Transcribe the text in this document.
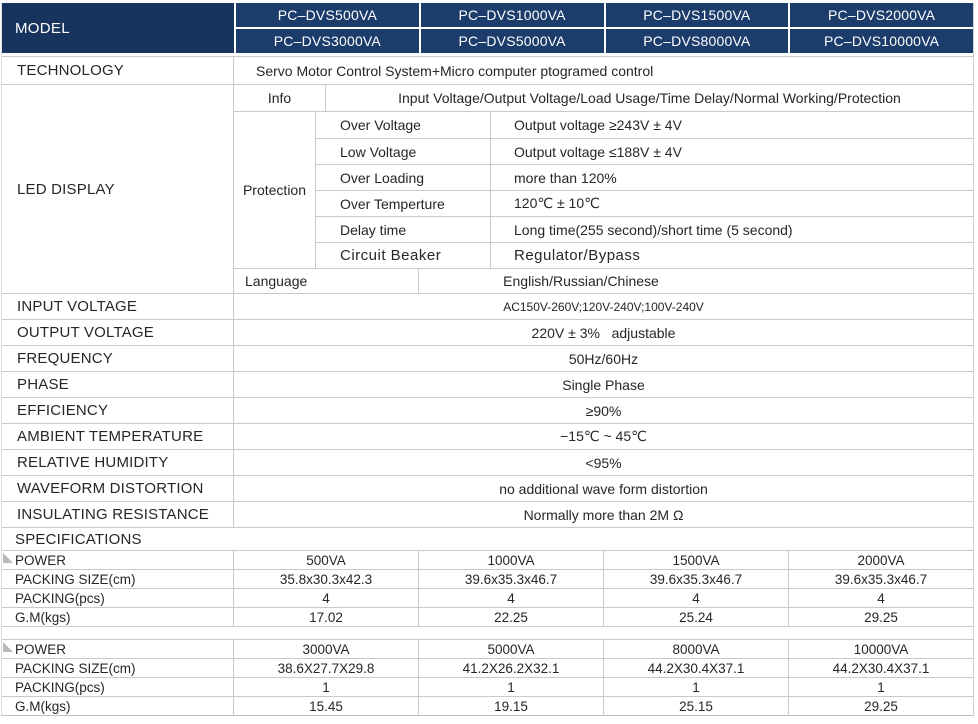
MODEL
PC–DVS500VA	PC–DVS1000VA	PC–DVS1500VA	PC–DVS2000VA
PC–DVS3000VA	PC–DVS5000VA	PC–DVS8000VA	PC–DVS10000VA
TECHNOLOGY	Servo Motor Control System+Micro computer ptogramed control
LED DISPLAY
Info	Input Voltage/Output Voltage/Load Usage/Time Delay/Normal Working/Protection
Protection
Over Voltage	Output voltage ≥243V ± 4V
Low Voltage	Output voltage ≤188V ± 4V
Over Loading	more than 120%
Over Temperture	120℃ ± 10℃
Delay time	Long time(255 second)/short time (5 second)
Circuit Beaker	Regulator/Bypass
Language	English/Russian/Chinese
INPUT VOLTAGE	AC150V-260V;120V-240V;100V-240V
OUTPUT VOLTAGE	220V ± 3%   adjustable
FREQUENCY	50Hz/60Hz
PHASE	Single Phase
EFFICIENCY	≥90%
AMBIENT TEMPERATURE	−15℃ ~ 45℃
RELATIVE HUMIDITY	<95%
WAVEFORM DISTORTION	no additional wave form distortion
INSULATING RESISTANCE	Normally more than 2M Ω
SPECIFICATIONS
POWER	500VA	1000VA	1500VA	2000VA
PACKING SIZE(cm)	35.8x30.3x42.3	39.6x35.3x46.7	39.6x35.3x46.7	39.6x35.3x46.7
PACKING(pcs)	4	4	4	4
G.M(kgs)	17.02	22.25	25.24	29.25
POWER	3000VA	5000VA	8000VA	10000VA
PACKING SIZE(cm)	38.6X27.7X29.8	41.2X26.2X32.1	44.2X30.4X37.1	44.2X30.4X37.1
PACKING(pcs)	1	1	1	1
G.M(kgs)	15.45	19.15	25.15	29.25
